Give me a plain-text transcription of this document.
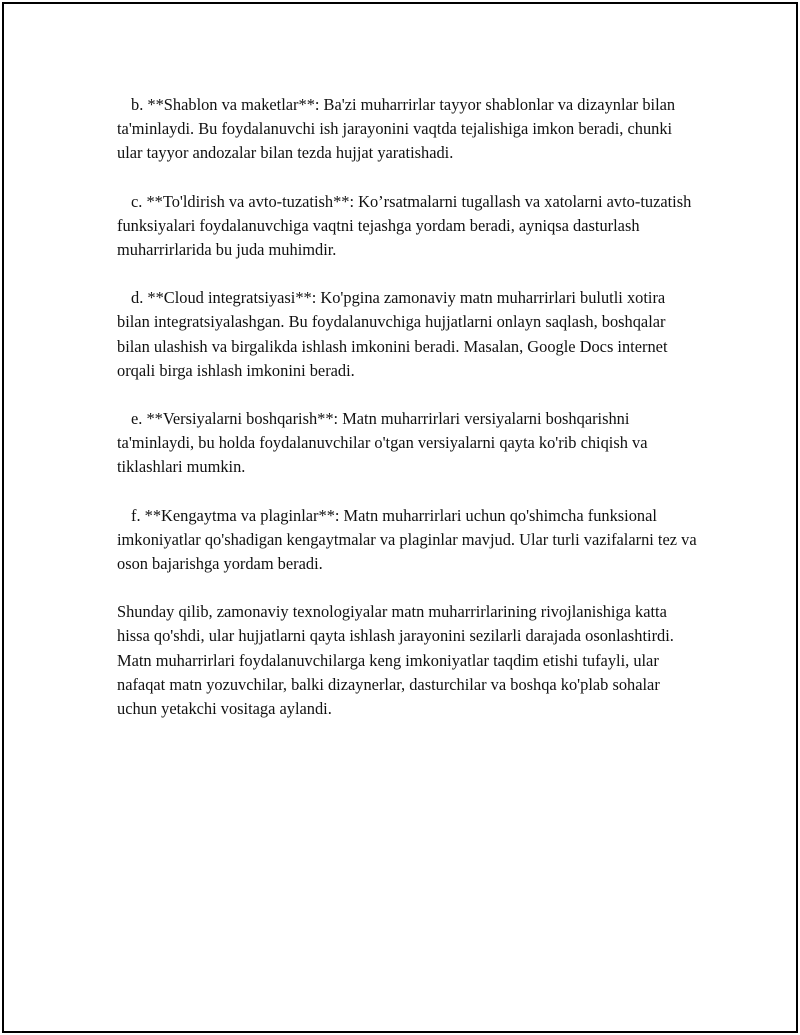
b. **Shablon va maketlar**: Ba'zi muharrirlar tayyor shablonlar va dizaynlar bilan ta'minlaydi. Bu foydalanuvchi ish jarayonini vaqtda tejalishiga imkon beradi, chunki ular tayyor andozalar bilan tezda hujjat yaratishadi.

c. **To'ldirish va avto-tuzatish**: Ko’rsatmalarni tugallash va xatolarni avto-tuzatish funksiyalari foydalanuvchiga vaqtni tejashga yordam beradi, ayniqsa dasturlash muharrirlarida bu juda muhimdir.

d. **Cloud integratsiyasi**: Ko'pgina zamonaviy matn muharrirlari bulutli xotira bilan integratsiyalashgan. Bu foydalanuvchiga hujjatlarni onlayn saqlash, boshqalar bilan ulashish va birgalikda ishlash imkonini beradi. Masalan, Google Docs internet orqali birga ishlash imkonini beradi.

e. **Versiyalarni boshqarish**: Matn muharrirlari versiyalarni boshqarishni ta'minlaydi, bu holda foydalanuvchilar o'tgan versiyalarni qayta ko'rib chiqish va tiklashlari mumkin.

f. **Kengaytma va plaginlar**: Matn muharrirlari uchun qo'shimcha funksional imkoniyatlar qo'shadigan kengaytmalar va plaginlar mavjud. Ular turli vazifalarni tez va oson bajarishga yordam beradi.

Shunday qilib, zamonaviy texnologiyalar matn muharrirlarining rivojlanishiga katta hissa qo'shdi, ular hujjatlarni qayta ishlash jarayonini sezilarli darajada osonlashtirdi. Matn muharrirlari foydalanuvchilarga keng imkoniyatlar taqdim etishi tufayli, ular nafaqat matn yozuvchilar, balki dizaynerlar, dasturchilar va boshqa ko'plab sohalar uchun yetakchi vositaga aylandi.
